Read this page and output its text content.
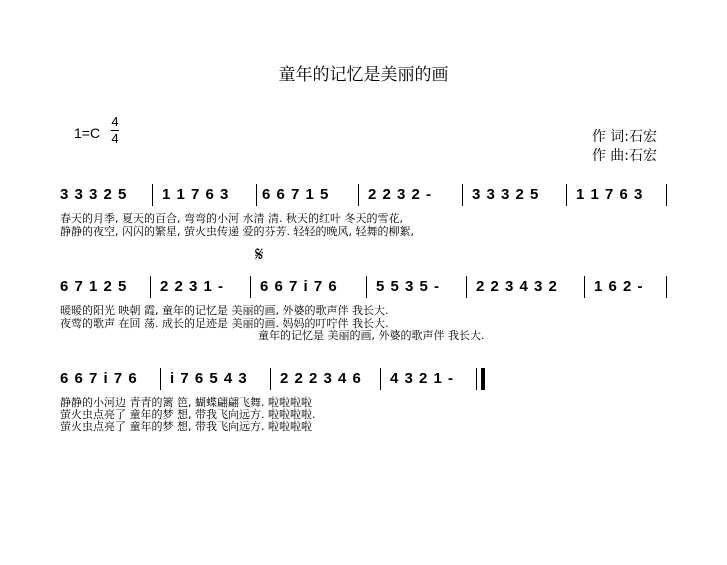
童年的记忆是美丽的画
1=C
4
4	作 词:石宏
作 曲:石宏
3 3 3 2 5 1 1 7 6 3 6 6 7 1 5	2 2 3 2 -	3 3 3 2 5 1 1 7 6 3
春天的月季, 夏天的百合, 弯弯的小河 水清 清. 秋天的红叶 冬天的雪花,
静静的夜空, 闪闪的繁星, 萤火虫传递 爱的芬芳. 轻轻的晚风, 轻舞的柳絮,
𝄋
6 7 1 2 5 2 2 3 1 - 6 6 7 i 7 6	5 5 3 5 - 2 2 3 4 3 2 1 6 2 -
暖暖的阳光 映朝 霞, 童年的记忆是 美丽的画, 外婆的歌声伴 我长大.
夜莺的歌声 在回 荡. 成长的足迹是 美丽的画. 妈妈的叮咛伴 我长大.
童年的记忆是 美丽的画, 外婆的歌声伴 我长大.
6 6 7 i 7 6 i 7 6 5 4 3 2 2 2 3 4 6 4 3 2 1 -
静静的小河边 青青的篱 笆, 蝴蝶翩翩飞舞. 啦啦啦啦
萤火虫点亮了 童年的梦 想, 带我飞向远方. 啦啦啦啦.
萤火虫点亮了 童年的梦 想, 带我飞向远方. 啦啦啦啦
